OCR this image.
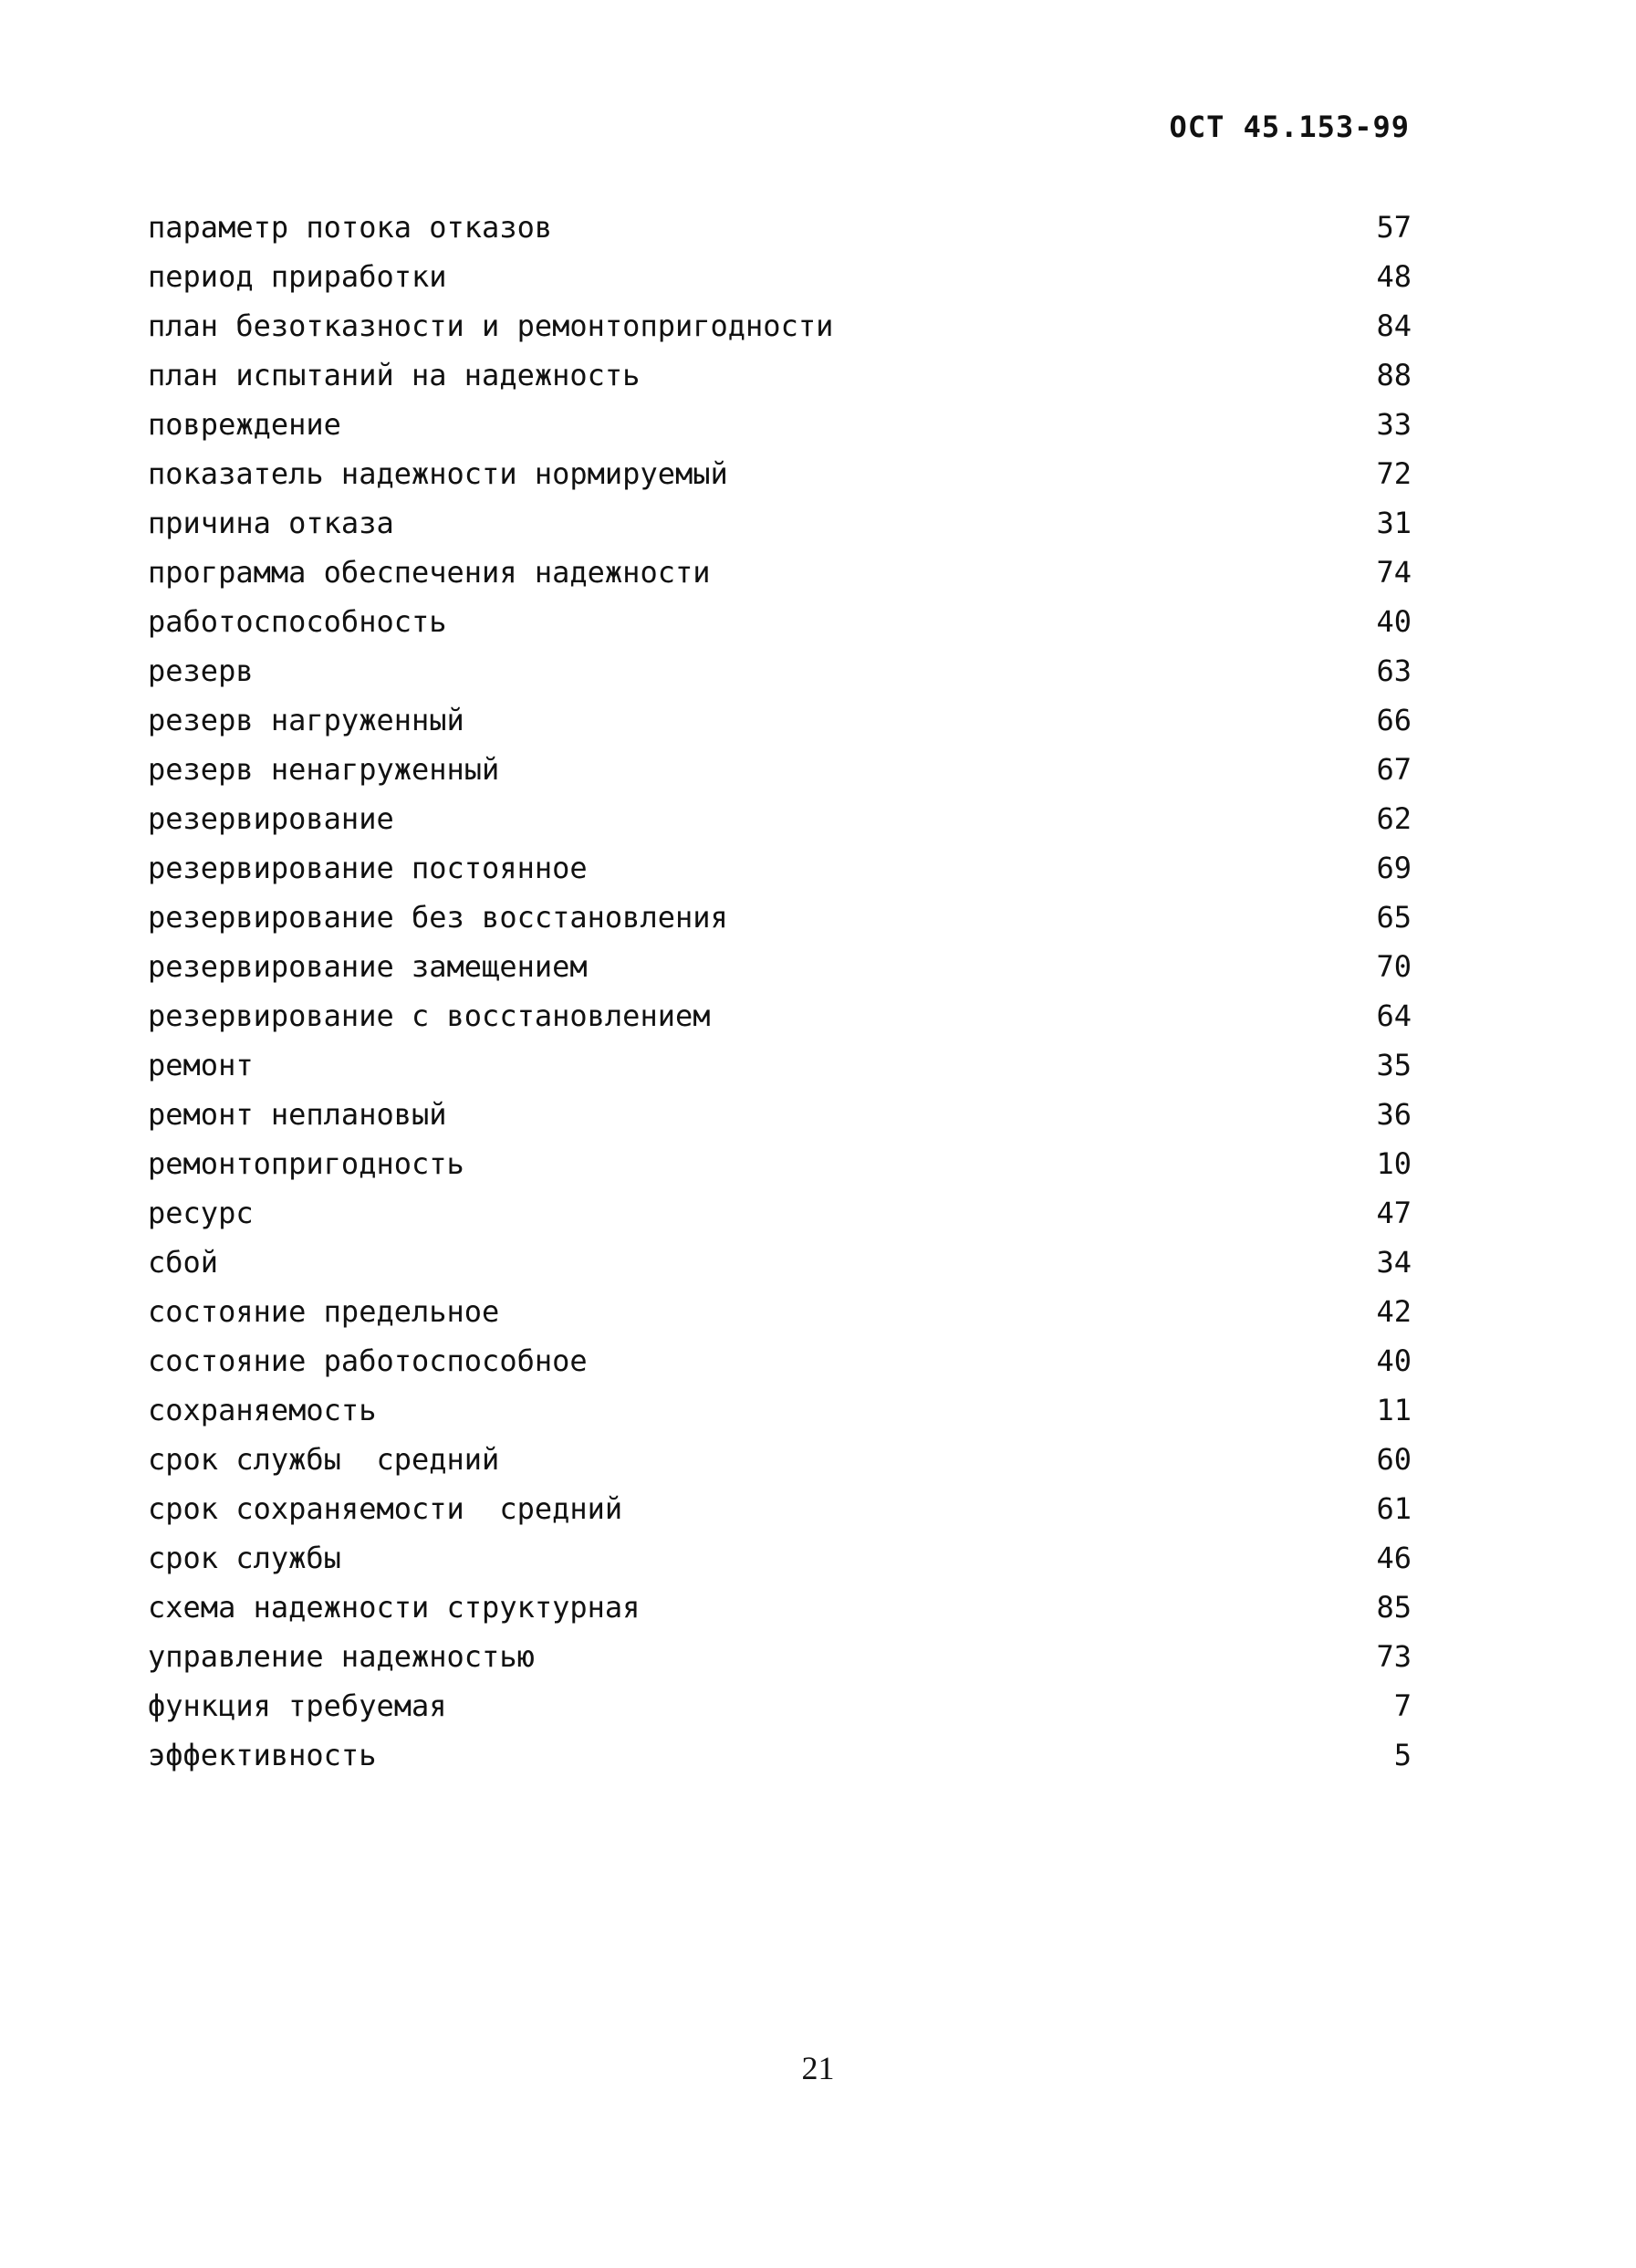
ОСТ 45.153-99
параметр потока отказов	57
период приработки	48
план безотказности и ремонтопригодности	84
план испытаний на надежность	88
повреждение	33
показатель надежности нормируемый	72
причина отказа	31
программа обеспечения надежности	74
работоспособность	40
резерв	63
резерв нагруженный	66
резерв ненагруженный	67
резервирование	62
резервирование постоянное	69
резервирование без восстановления	65
резервирование замещением	70
резервирование с восстановлением	64
ремонт	35
ремонт неплановый	36
ремонтопригодность	10
ресурс	47
сбой	34
состояние предельное	42
состояние работоспособное	40
сохраняемость	11
срок службы  средний	60
срок сохраняемости  средний	61
срок службы	46
схема надежности структурная	85
управление надежностью	73
функция требуемая	7
эффективность	5
21
